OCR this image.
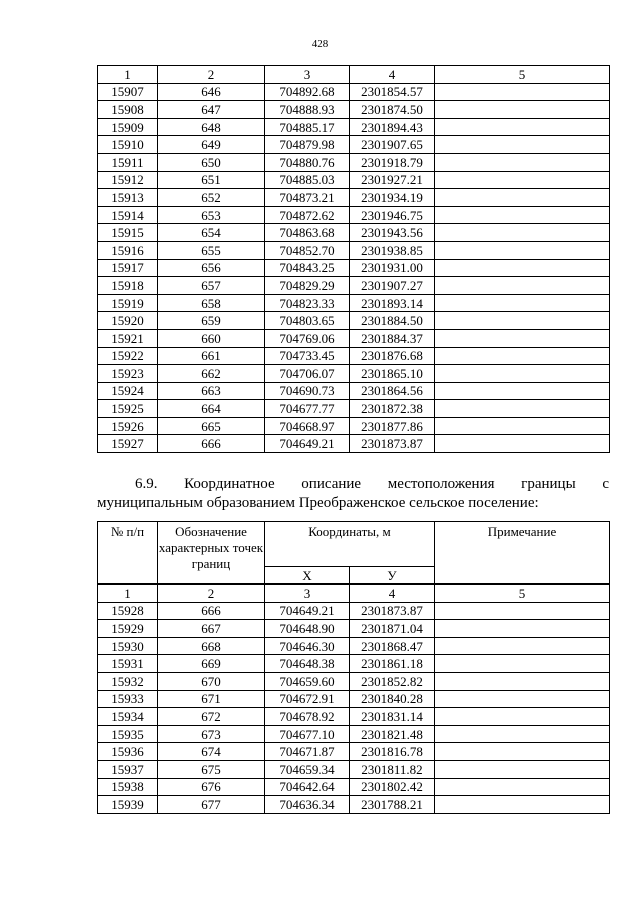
428
1	2	3	4	5
15907	646	704892.68	2301854.57	
15908	647	704888.93	2301874.50	
15909	648	704885.17	2301894.43	
15910	649	704879.98	2301907.65	
15911	650	704880.76	2301918.79	
15912	651	704885.03	2301927.21	
15913	652	704873.21	2301934.19	
15914	653	704872.62	2301946.75	
15915	654	704863.68	2301943.56	
15916	655	704852.70	2301938.85	
15917	656	704843.25	2301931.00	
15918	657	704829.29	2301907.27	
15919	658	704823.33	2301893.14	
15920	659	704803.65	2301884.50	
15921	660	704769.06	2301884.37	
15922	661	704733.45	2301876.68	
15923	662	704706.07	2301865.10	
15924	663	704690.73	2301864.56	
15925	664	704677.77	2301872.38	
15926	665	704668.97	2301877.86	
15927	666	704649.21	2301873.87	
6.9. Координатное описание местоположения границы с
муниципальным образованием Преображенское сельское поселение:
№ п/п	Обозначение характерных точек границ	Координаты, м		Примечание
		X	У	
1	2	3	4	5
15928	666	704649.21	2301873.87	
15929	667	704648.90	2301871.04	
15930	668	704646.30	2301868.47	
15931	669	704648.38	2301861.18	
15932	670	704659.60	2301852.82	
15933	671	704672.91	2301840.28	
15934	672	704678.92	2301831.14	
15935	673	704677.10	2301821.48	
15936	674	704671.87	2301816.78	
15937	675	704659.34	2301811.82	
15938	676	704642.64	2301802.42	
15939	677	704636.34	2301788.21	
